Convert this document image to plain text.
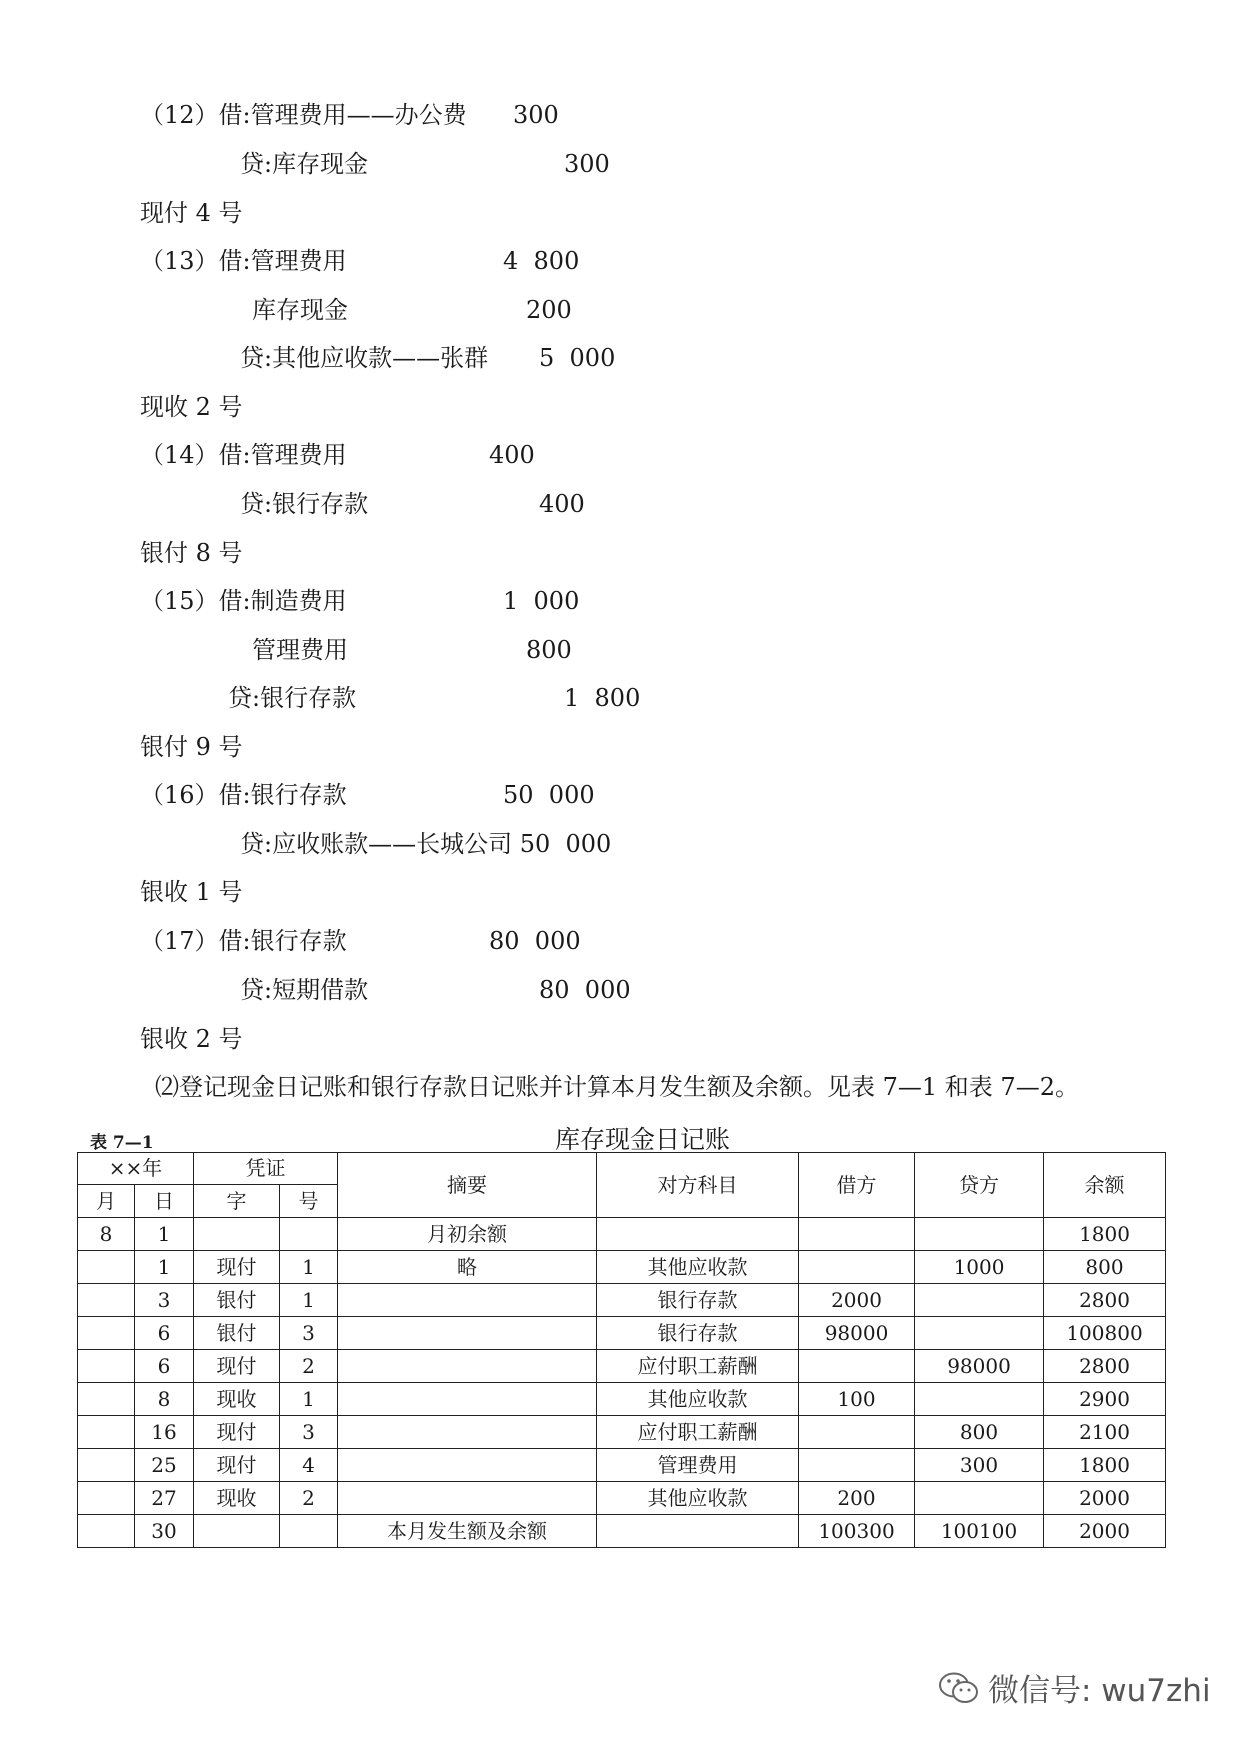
（12）借:管理费用——办公费 300
贷:库存现金	300
现付 4 号
（13）借:管理费用	4  800
库存现金	200
贷:其他应收款——张群 5  000
现收 2 号
（14）借:管理费用	400
贷:银行存款	400
银付 8 号
（15）借:制造费用	1  000
管理费用	800
贷:银行存款	1  800
银付 9 号
（16）借:银行存款	50  000
贷:应收账款——长城公司 50  000
银收 1 号
（17）借:银行存款	80  000
贷:短期借款	80  000
银收 2 号
⑵登记现金日记账和银行存款日记账并计算本月发生额及余额。见表 7—1 和表 7—2。
表 7—1	库存现金日记账
××年		凭证		摘要	对方科目	借方	贷方	余额
月	日	字	号					
8	1			月初余额				1800
	1	现付	1	略	其他应收款		1000	800
	3	银付	1		银行存款	2000		2800
	6	银付	3		银行存款	98000		100800
	6	现付	2		应付职工薪酬		98000	2800
	8	现收	1		其他应收款	100		2900
	16	现付	3		应付职工薪酬		800	2100
	25	现付	4		管理费用		300	1800
	27	现收	2		其他应收款	200		2000
	30			本月发生额及余额		100300	100100	2000
微信号: wu7zhi
